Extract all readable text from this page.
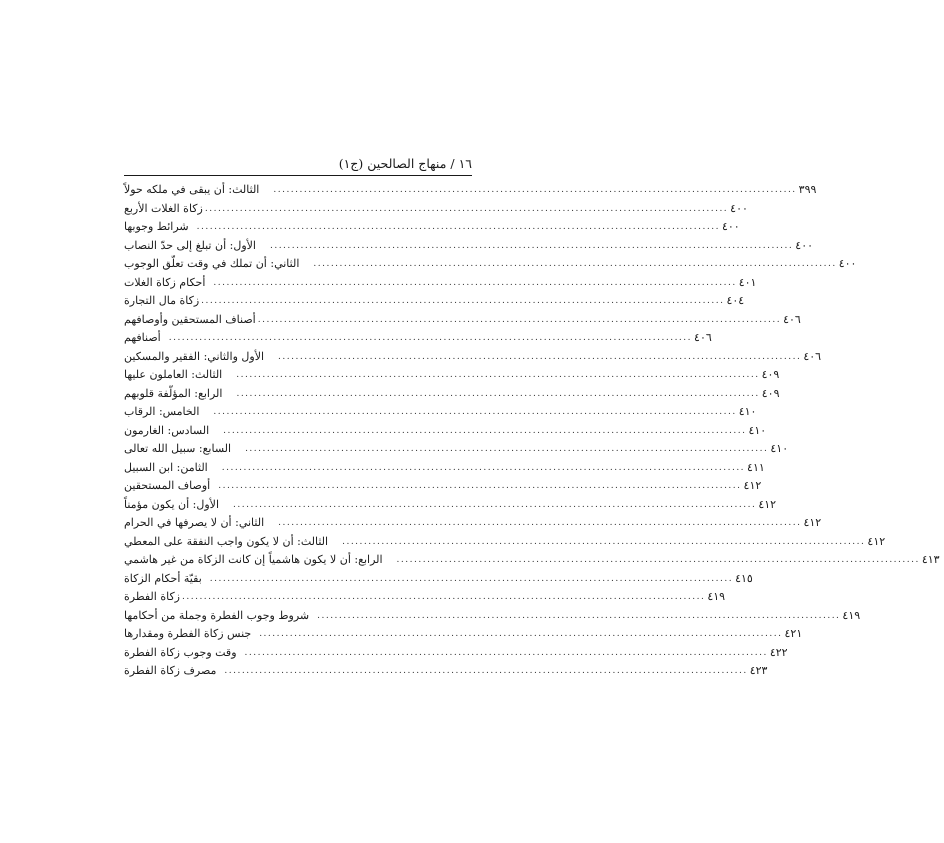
١٦ / منهاج الصالحين (ج١)
الثالث: أن يبقى في ملكه حولاً	........................................................................................................................ ٣٩٩
زكاة الغلات الأربع ........................................................................................................................ ٤٠٠
شرائط وجوبها ........................................................................................................................ ٤٠٠
الأول: أن تبلغ إلى حدّ النصاب	........................................................................................................................ ٤٠٠
الثاني: أن تملك في وقت تعلّق الوجوب	........................................................................................................................ ٤٠٠
أحكام زكاة الغلات ........................................................................................................................ ٤٠١
زكاة مال التجارة ........................................................................................................................ ٤٠٤
أصناف المستحقين وأوصافهم ........................................................................................................................ ٤٠٦
أصنافهم ........................................................................................................................ ٤٠٦
الأول والثاني: الفقير والمسكين	........................................................................................................................ ٤٠٦
الثالث: العاملون عليها	........................................................................................................................ ٤٠٩
الرابع: المؤلّفة قلوبهم	........................................................................................................................ ٤٠٩
الخامس: الرقاب	........................................................................................................................ ٤١٠
السادس: الغارمون	........................................................................................................................ ٤١٠
السابع: سبيل الله تعالى	........................................................................................................................ ٤١٠
الثامن: ابن السبيل	........................................................................................................................ ٤١١
أوصاف المستحقين ........................................................................................................................ ٤١٢
الأول: أن يكون مؤمناً	........................................................................................................................ ٤١٢
الثاني: أن لا يصرفها في الحرام	........................................................................................................................ ٤١٢
الثالث: أن لا يكون واجب النفقة على المعطي	........................................................................................................................ ٤١٢
الرابع: أن لا يكون هاشمياً إن كانت الزكاة من غير هاشمي	........................................................................................................................ ٤١٣
بقيّة أحكام الزكاة ........................................................................................................................ ٤١٥
زكاة الفطرة ........................................................................................................................ ٤١٩
شروط وجوب الفطرة وجملة من أحكامها ........................................................................................................................ ٤١٩
جنس زكاة الفطرة ومقدارها ........................................................................................................................ ٤٢١
وقت وجوب زكاة الفطرة ........................................................................................................................ ٤٢٢
مصرف زكاة الفطرة ........................................................................................................................ ٤٢٣
